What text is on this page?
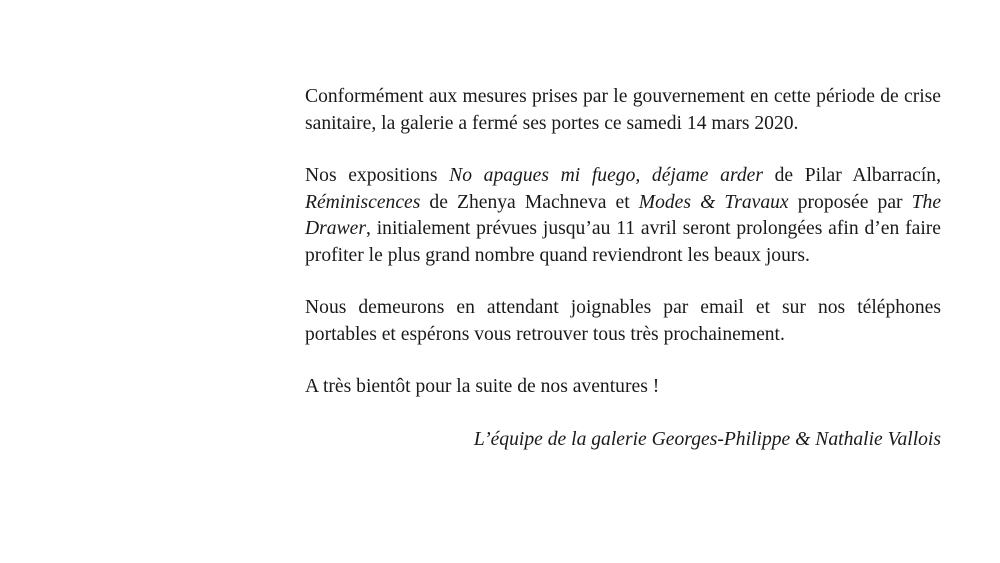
Conformément aux mesures prises par le gouvernement en cette période de crise sanitaire, la galerie a fermé ses portes ce samedi 14 mars 2020.

Nos expositions No apagues mi fuego, déjame arder de Pilar Albarracín, Réminiscences de Zhenya Machneva et Modes & Travaux proposée par The Drawer, initialement prévues jusqu’au 11 avril seront prolongées afin d’en faire profiter le plus grand nombre quand reviendront les beaux jours.

Nous demeurons en attendant joignables par email et sur nos téléphones portables et espérons vous retrouver tous très prochainement.

A très bientôt pour la suite de nos aventures !

L’équipe de la galerie Georges-Philippe & Nathalie Vallois
